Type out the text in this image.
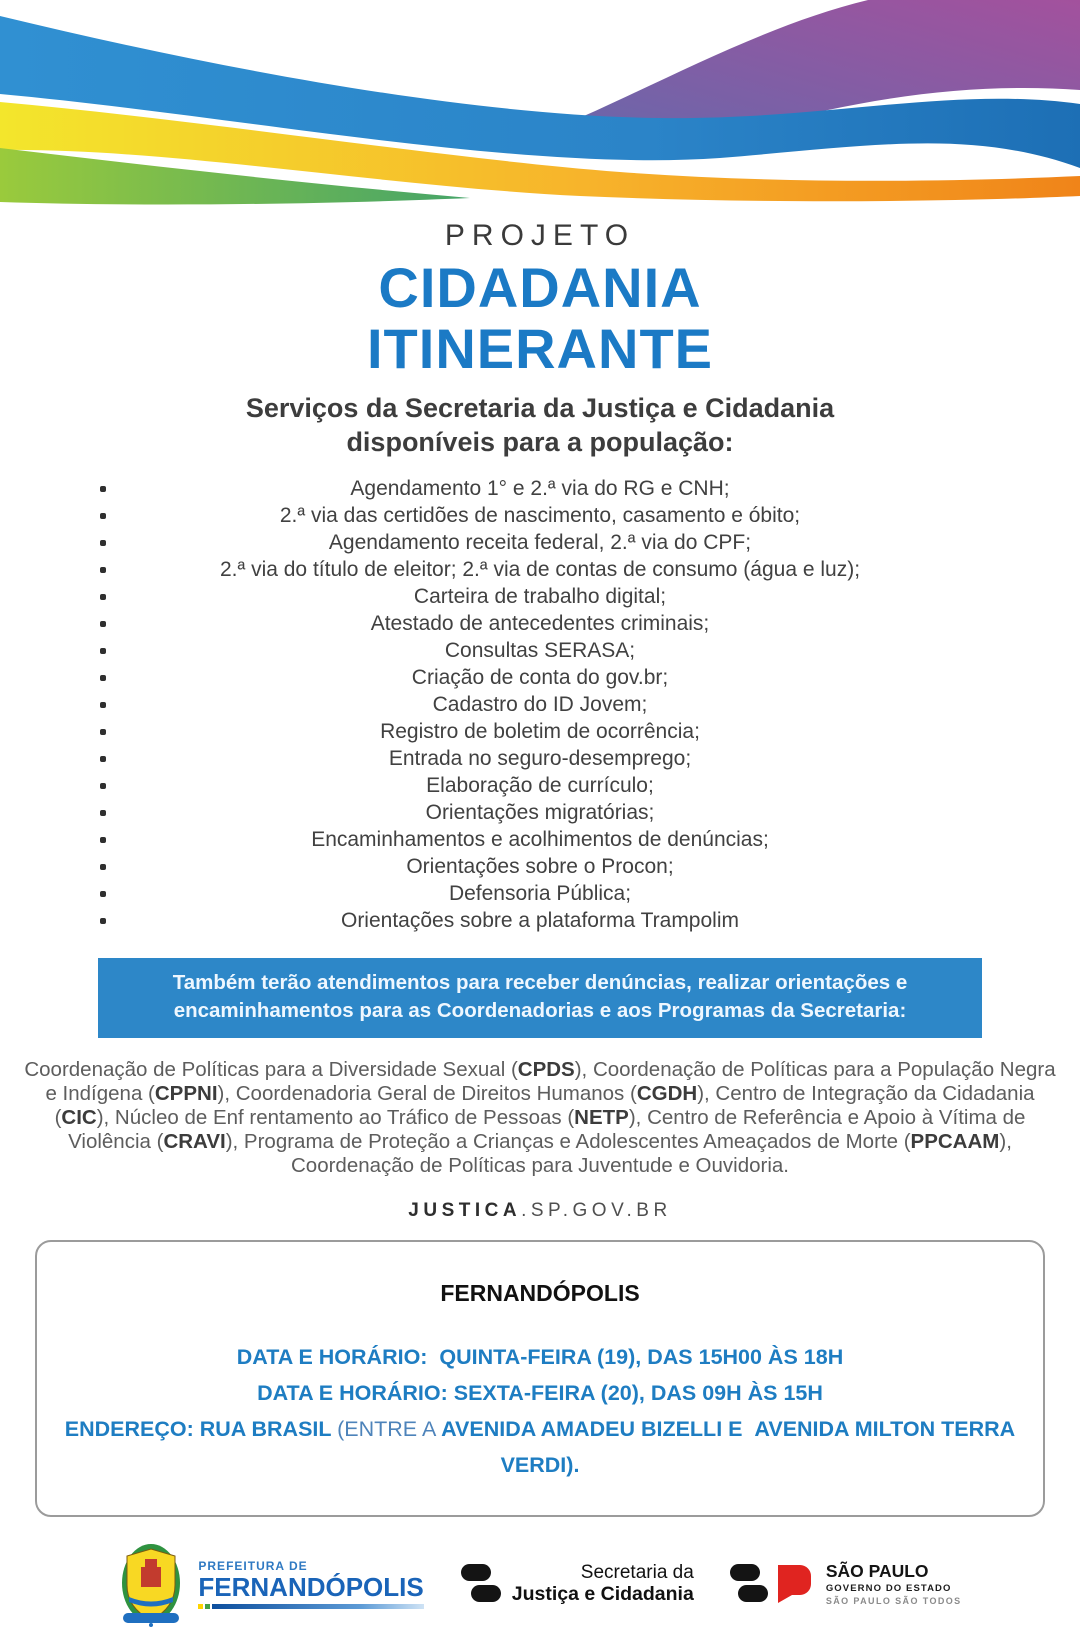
PROJETO
CIDADANIA
ITINERANTE
Serviços da Secretaria da Justiça e Cidadania
disponíveis para a população:
Agendamento 1° e 2.ª via do RG e CNH;
2.ª via das certidões de nascimento, casamento e óbito;
Agendamento receita federal, 2.ª via do CPF;
2.ª via do título de eleitor; 2.ª via de contas de consumo (água e luz);
Carteira de trabalho digital;
Atestado de antecedentes criminais;
Consultas SERASA;
Criação de conta do gov.br;
Cadastro do ID Jovem;
Registro de boletim de ocorrência;
Entrada no seguro-desemprego;
Elaboração de currículo;
Orientações migratórias;
Encaminhamentos e acolhimentos de denúncias;
Orientações sobre o Procon;
Defensoria Pública;
Orientações sobre a plataforma Trampolim
Também terão atendimentos para receber denúncias, realizar orientações e
encaminhamentos para as Coordenadorias e aos Programas da Secretaria:

Coordenação de Políticas para a Diversidade Sexual (CPDS), Coordenação de Políticas para a População Negra e Indígena (CPPNI), Coordenadoria Geral de Direitos Humanos (CGDH), Centro de Integração da Cidadania (CIC), Núcleo de Enf rentamento ao Tráfico de Pessoas (NETP), Centro de Referência e Apoio à Vítima de Violência (CRAVI), Programa de Proteção a Crianças e Adolescentes Ameaçados de Morte (PPCAAM), Coordenação de Políticas para Juventude e Ouvidoria.

JUSTICA.SP.GOV.BR
FERNANDÓPOLIS

DATA E HORÁRIO:  QUINTA-FEIRA (19), DAS 15H00 ÀS 18H

DATA E HORÁRIO: SEXTA-FEIRA (20), DAS 09H ÀS 15H

ENDEREÇO: RUA BRASIL (ENTRE A AVENIDA AMADEU BIZELLI E  AVENIDA MILTON TERRA VERDI).

PREFEITURA DE
FERNANDÓPOLIS	Secretaria da
Justiça e Cidadania
SÃO PAULO
GOVERNO DO ESTADO
SÃO PAULO SÃO TODOS
